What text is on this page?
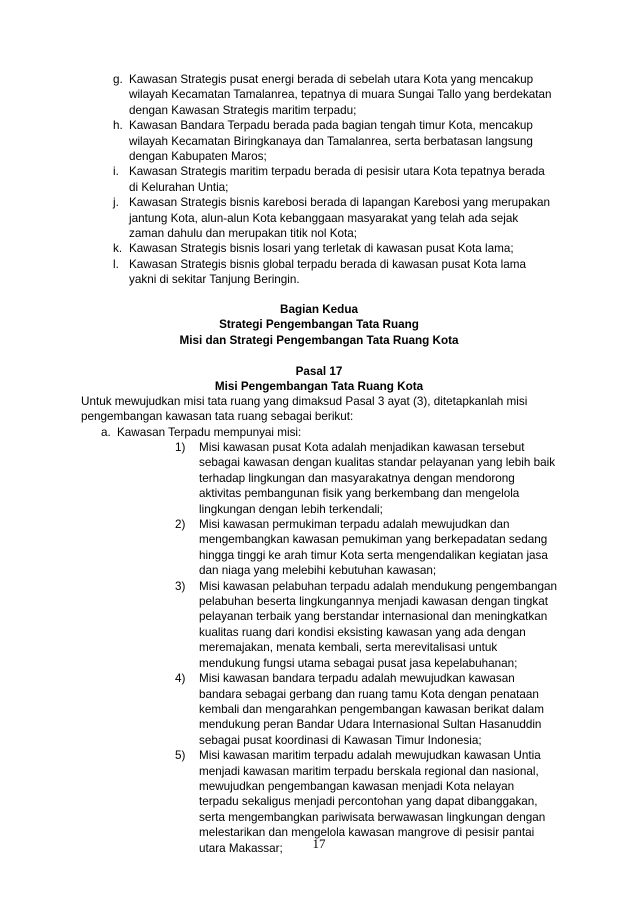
g. Kawasan Strategis pusat energi berada di sebelah utara Kota yang mencakup
wilayah Kecamatan Tamalanrea, tepatnya di muara Sungai Tallo yang berdekatan
dengan Kawasan Strategis maritim terpadu;
h. Kawasan Bandara Terpadu berada pada bagian tengah timur Kota, mencakup
wilayah Kecamatan Biringkanaya dan Tamalanrea, serta berbatasan langsung
dengan Kabupaten Maros;
i. Kawasan Strategis maritim terpadu berada di pesisir utara Kota tepatnya berada
di Kelurahan Untia;
j. Kawasan Strategis bisnis karebosi berada di lapangan Karebosi yang merupakan
jantung Kota, alun-alun Kota kebanggaan masyarakat yang telah ada sejak
zaman dahulu dan merupakan titik nol Kota;
k. Kawasan Strategis bisnis losari yang terletak di kawasan pusat Kota lama;
l. Kawasan Strategis bisnis global terpadu berada di kawasan pusat Kota lama
yakni di sekitar Tanjung Beringin.
Bagian Kedua
Strategi Pengembangan Tata Ruang
Misi dan Strategi Pengembangan Tata Ruang Kota
Pasal 17
Misi Pengembangan Tata Ruang Kota
Untuk mewujudkan misi tata ruang yang dimaksud Pasal 3 ayat (3), ditetapkanlah misi
pengembangan kawasan tata ruang sebagai berikut:
a. Kawasan Terpadu mempunyai misi:
1)	Misi kawasan pusat Kota adalah menjadikan kawasan tersebut
sebagai kawasan dengan kualitas standar pelayanan yang lebih baik
terhadap lingkungan dan masyarakatnya dengan mendorong
aktivitas pembangunan fisik yang berkembang dan mengelola
lingkungan dengan lebih terkendali;
2)	Misi kawasan permukiman terpadu adalah mewujudkan dan
mengembangkan kawasan pemukiman yang berkepadatan sedang
hingga tinggi ke arah timur Kota serta mengendalikan kegiatan jasa
dan niaga yang melebihi kebutuhan kawasan;
3)	Misi kawasan pelabuhan terpadu adalah mendukung pengembangan
pelabuhan beserta lingkungannya menjadi kawasan dengan tingkat
pelayanan terbaik yang berstandar internasional dan meningkatkan
kualitas ruang dari kondisi eksisting kawasan yang ada dengan
meremajakan, menata kembali, serta merevitalisasi untuk
mendukung fungsi utama sebagai pusat jasa kepelabuhanan;
4)	Misi kawasan bandara terpadu adalah mewujudkan kawasan
bandara sebagai gerbang dan ruang tamu Kota dengan penataan
kembali dan mengarahkan pengembangan kawasan berikat dalam
mendukung peran Bandar Udara Internasional Sultan Hasanuddin
sebagai pusat koordinasi di Kawasan Timur Indonesia;
5)	Misi kawasan maritim terpadu adalah mewujudkan kawasan Untia
menjadi kawasan maritim terpadu berskala regional dan nasional,
mewujudkan pengembangan kawasan menjadi Kota nelayan
terpadu sekaligus menjadi percontohan yang dapat dibanggakan,
serta mengembangkan pariwisata berwawasan lingkungan dengan
melestarikan dan mengelola kawasan mangrove di pesisir pantai
utara Makassar;	17
